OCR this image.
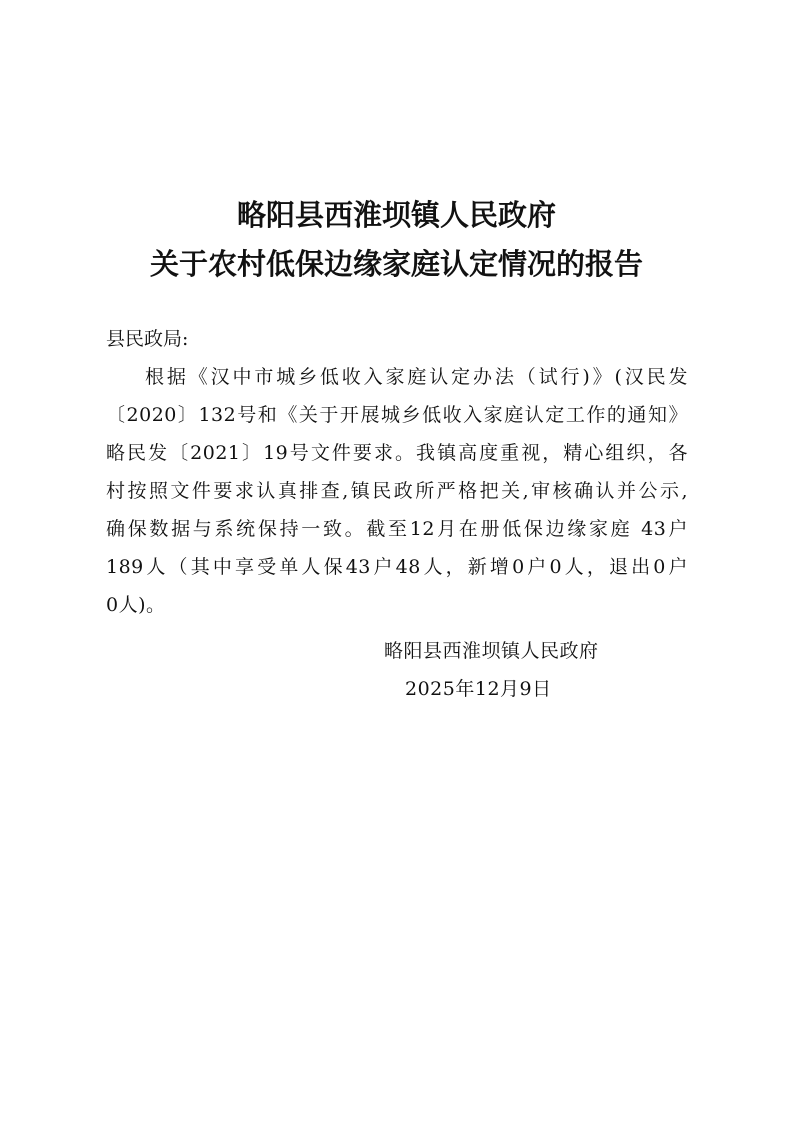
略阳县西淮坝镇人民政府
关于农村低保边缘家庭认定情况的报告
县民政局:
根据《汉中市城乡低收入家庭认定办法（试行)》(汉民发
〔2020〕132号和《关于开展城乡低收入家庭认定工作的通知》
略民发〔2021〕19号文件要求。我镇高度重视，精心组织，各
村按照文件要求认真排查,镇民政所严格把关,审核确认并公示,
确保数据与系统保持一致。截至12月在册低保边缘家庭 43户
189人（其中享受单人保43户48人，新增0户0人，退出0户
0人)。
略阳县西淮坝镇人民政府
2025年12月9日
